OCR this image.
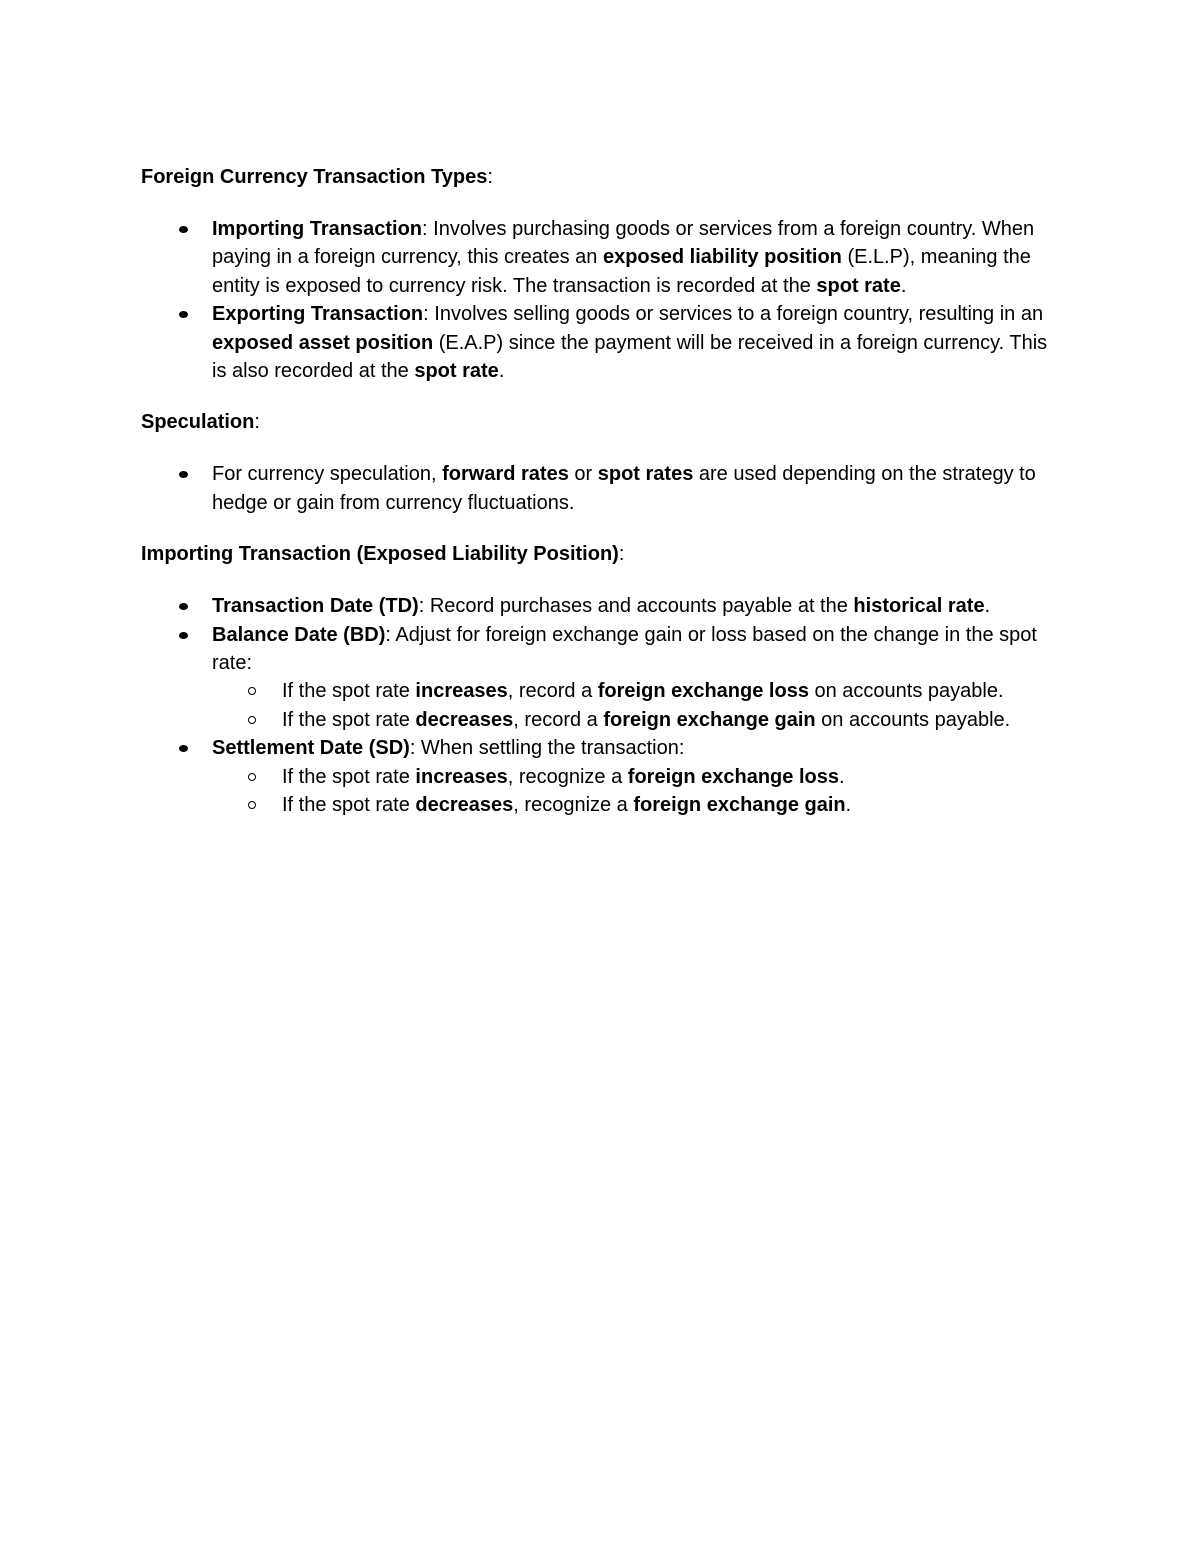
Foreign Currency Transaction Types:

Importing Transaction: Involves purchasing goods or services from a foreign country. When paying in a foreign currency, this creates an exposed liability position (E.L.P), meaning the entity is exposed to currency risk. The transaction is recorded at the spot rate.
Exporting Transaction: Involves selling goods or services to a foreign country, resulting in an exposed asset position (E.A.P) since the payment will be received in a foreign currency. This is also recorded at the spot rate.

Speculation:

For currency speculation, forward rates or spot rates are used depending on the strategy to hedge or gain from currency fluctuations.

Importing Transaction (Exposed Liability Position):

Transaction Date (TD): Record purchases and accounts payable at the historical rate.
Balance Date (BD): Adjust for foreign exchange gain or loss based on the change in the spot rate:
If the spot rate increases, record a foreign exchange loss on accounts payable.
If the spot rate decreases, record a foreign exchange gain on accounts payable.
Settlement Date (SD): When settling the transaction:
If the spot rate increases, recognize a foreign exchange loss.
If the spot rate decreases, recognize a foreign exchange gain.
